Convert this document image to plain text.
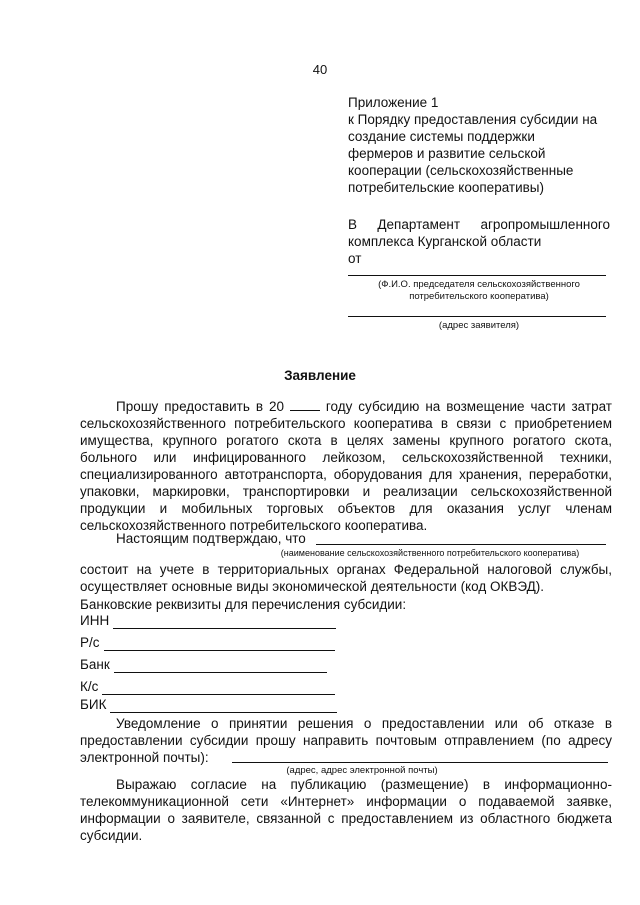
40
Приложение 1
к Порядку предоставления субсидии на
создание системы поддержки
фермеров и развитие сельской
кооперации (сельскохозяйственные
потребительские кооперативы)
В Департамент агропромышленного
комплекса Курганской области
от
(Ф.И.О. председателя сельскохозяйственного
потребительского кооператива)
(адрес заявителя)
Заявление
Прошу предоставить в 20	году субсидию на возмещение части затрат сельскохозяйственного потребительского кооператива в связи с приобретением имущества, крупного рогатого скота в целях замены крупного рогатого скота, больного или инфицированного лейкозом, сельскохозяйственной техники, специализированного автотранспорта, оборудования для хранения, переработки, упаковки, маркировки, транспортировки и реализации сельскохозяйственной продукции и мобильных торговых объектов для оказания услуг членам сельскохозяйственного потребительского кооператива.
Настоящим подтверждаю, что
(наименование сельскохозяйственного потребительского кооператива)
состоит на учете в территориальных органах Федеральной налоговой службы, осуществляет основные виды экономической деятельности (код ОКВЭД).
Банковские реквизиты для перечисления субсидии:
ИНН
Р/с
Банк
К/с
БИК
Уведомление о принятии решения о предоставлении или об отказе в предоставлении субсидии прошу направить почтовым отправлением (по адресу электронной почты):
(адрес, адрес электронной почты)
Выражаю согласие на публикацию (размещение) в информационно-телекоммуникационной сети «Интернет» информации о подаваемой заявке, информации о заявителе, связанной с предоставлением из областного бюджета субсидии.
